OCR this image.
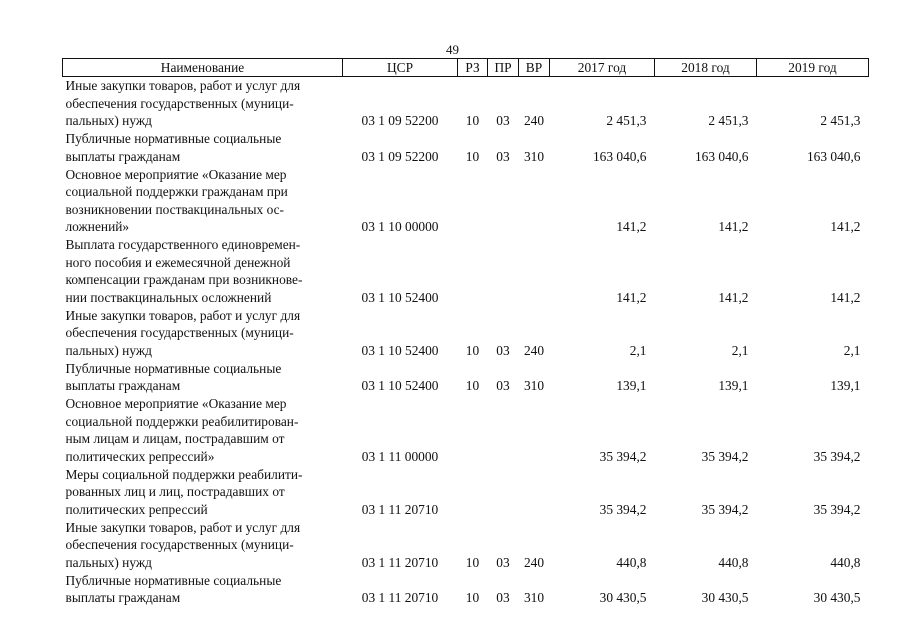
49
Наименование	ЦСР	РЗ	ПР	ВР	2017 год	2018 год	2019 год
Иные закупки товаров, работ и услуг для
обеспечения государственных (муници-
пальных) нужд	03 1 09 52200	10	03	240	2 451,3	2 451,3	2 451,3
Публичные нормативные социальные
выплаты гражданам	03 1 09 52200	10	03	310	163 040,6	163 040,6	163 040,6
Основное мероприятие «Оказание мер
социальной поддержки гражданам при
возникновении поствакцинальных ос-
ложнений»	03 1 10 00000				141,2	141,2	141,2
Выплата государственного единовремен-
ного пособия и ежемесячной денежной
компенсации гражданам при возникнове-
нии поствакцинальных осложнений	03 1 10 52400				141,2	141,2	141,2
Иные закупки товаров, работ и услуг для
обеспечения государственных (муници-
пальных) нужд	03 1 10 52400	10	03	240	2,1	2,1	2,1
Публичные нормативные социальные
выплаты гражданам	03 1 10 52400	10	03	310	139,1	139,1	139,1
Основное мероприятие «Оказание мер
социальной поддержки реабилитирован-
ным лицам и лицам, пострадавшим от
политических репрессий»	03 1 11 00000				35 394,2	35 394,2	35 394,2
Меры социальной поддержки реабилити-
рованных лиц и лиц, пострадавших от
политических репрессий	03 1 11 20710				35 394,2	35 394,2	35 394,2
Иные закупки товаров, работ и услуг для
обеспечения государственных (муници-
пальных) нужд	03 1 11 20710	10	03	240	440,8	440,8	440,8
Публичные нормативные социальные
выплаты гражданам	03 1 11 20710	10	03	310	30 430,5	30 430,5	30 430,5
